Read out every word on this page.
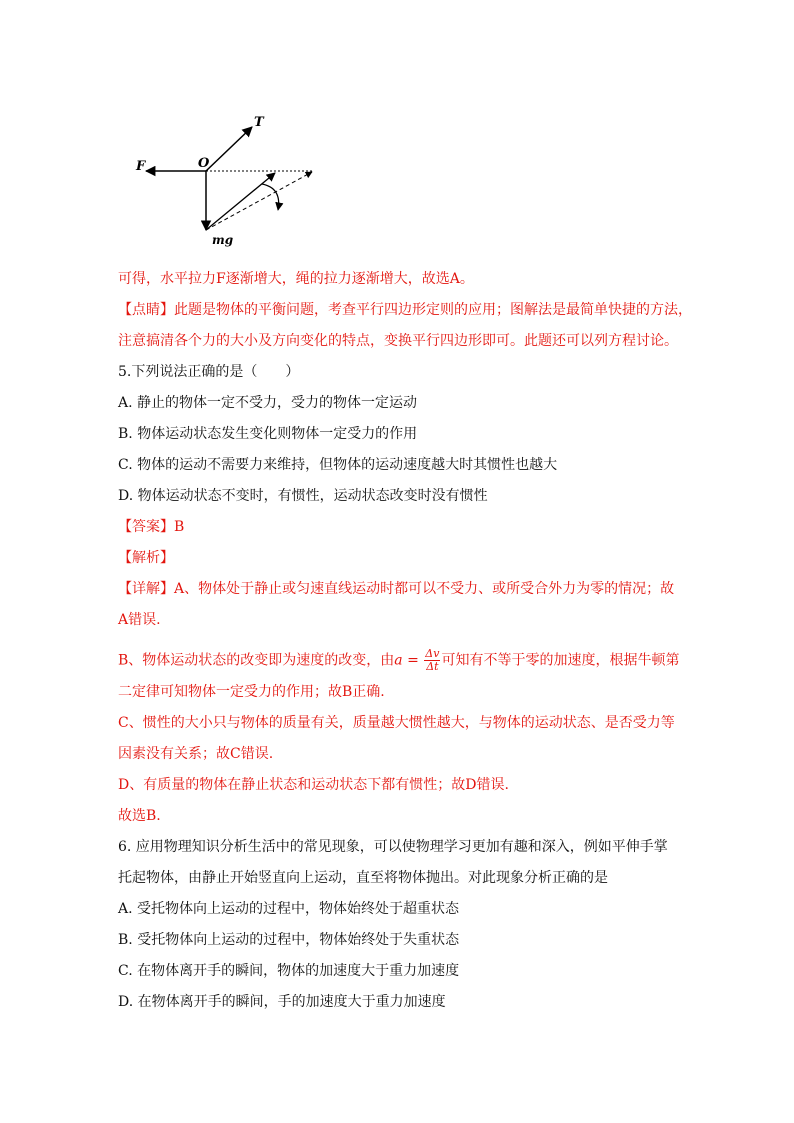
T
O
F
mg
可得，水平拉力F逐渐增大，绳的拉力逐渐增大，故选A。
【点睛】此题是物体的平衡问题，考查平行四边形定则的应用；图解法是最简单快捷的方法，
注意搞清各个力的大小及方向变化的特点，变换平行四边形即可。此题还可以列方程讨论。
5.下列说法正确的是（　　）
A. 静止的物体一定不受力，受力的物体一定运动
B. 物体运动状态发生变化则物体一定受力的作用
C. 物体的运动不需要力来维持，但物体的运动速度越大时其惯性也越大
D. 物体运动状态不变时，有惯性，运动状态改变时没有惯性
【答案】B
【解析】
【详解】A、物体处于静止或匀速直线运动时都可以不受力、或所受合外力为零的情况；故
A错误.
B、物体运动状态的改变即为速度的改变，由$a = \frac{\Delta v}{\Delta t}$ 可知有不等于零的加速度，根据牛顿第
二定律可知物体一定受力的作用；故B正确.
C、惯性的大小只与物体的质量有关，质量越大惯性越大，与物体的运动状态、是否受力等
因素没有关系；故C错误.
D、有质量的物体在静止状态和运动状态下都有惯性；故D错误.
故选B.
6. 应用物理知识分析生活中的常见现象，可以使物理学习更加有趣和深入，例如平伸手掌
托起物体，由静止开始竖直向上运动，直至将物体抛出。对此现象分析正确的是
A. 受托物体向上运动的过程中，物体始终处于超重状态
B. 受托物体向上运动的过程中，物体始终处于失重状态
C. 在物体离开手的瞬间，物体的加速度大于重力加速度
D. 在物体离开手的瞬间，手的加速度大于重力加速度
